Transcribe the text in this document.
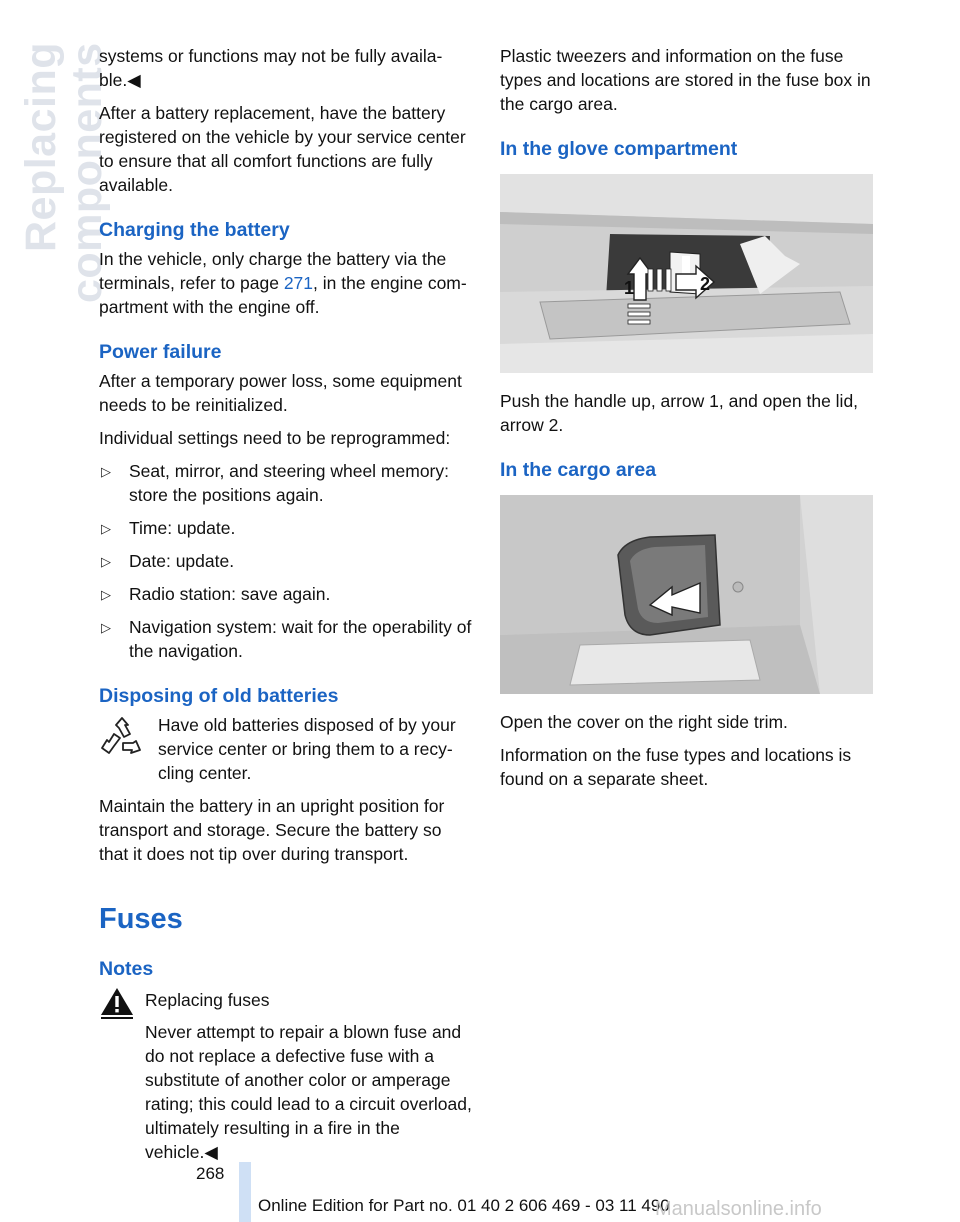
Replacing components

systems or functions may not be fully availa‐ble.◀

After a battery replacement, have the battery registered on the vehicle by your service center to ensure that all comfort functions are fully available.

Charging the battery

In the vehicle, only charge the battery via the terminals, refer to page 271, in the engine com‐partment with the engine off.

Power failure

After a temporary power loss, some equipment needs to be reinitialized.

Individual settings need to be reprogrammed:

▷ Seat, mirror, and steering wheel memory: store the positions again.
▷ Time: update.
▷ Date: update.
▷ Radio station: save again.
▷ Navigation system: wait for the operability of the navigation.
Disposing of old batteries

Have old batteries disposed of by your service center or bring them to a recy‐cling center.

Maintain the battery in an upright position for transport and storage. Secure the battery so that it does not tip over during transport.

Fuses
Notes

Replacing fuses

Never attempt to repair a blown fuse and do not replace a defective fuse with a substitute of another color or amperage rating; this could lead to a circuit overload, ultimately resulting in a fire in the vehicle.◀

Plastic tweezers and information on the fuse types and locations are stored in the fuse box in the cargo area.

In the glove compartment
1	2

Push the handle up, arrow 1, and open the lid, arrow 2.

In the cargo area

Open the cover on the right side trim.

Information on the fuse types and locations is found on a separate sheet.

268
Online Edition for Part no. 01 40 2 606 469 - 03 11 490
Manualsonline.info
